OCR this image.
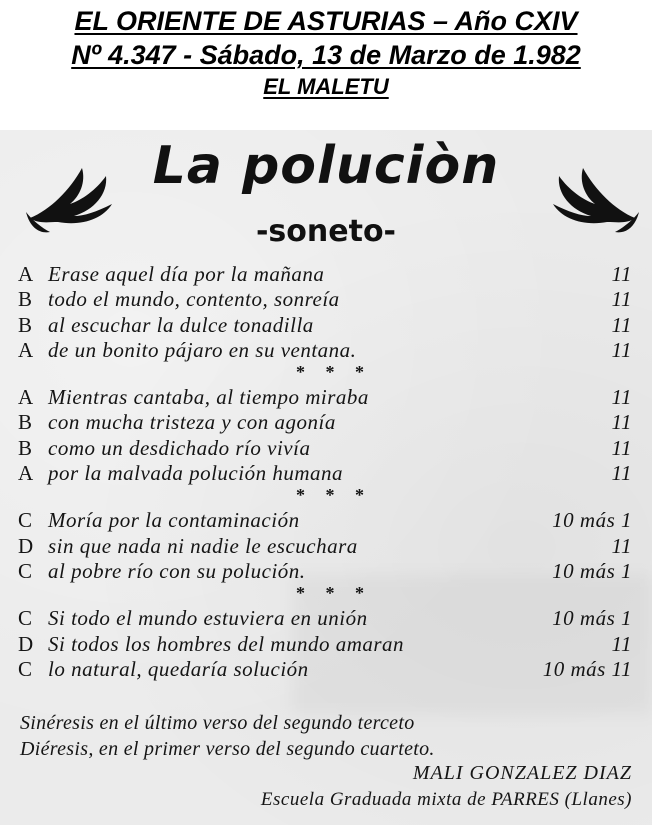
EL ORIENTE DE ASTURIAS – Año CXIV
Nº 4.347 - Sábado, 13 de Marzo de 1.982
EL MALETU
La poluciòn
-soneto-
A Erase aquel día por la mañana	11
B todo el mundo, contento, sonreía	11
B al escuchar la dulce tonadilla	11
A de un bonito pájaro en su ventana.	11
* * *
A Mientras cantaba, al tiempo miraba	11
B con mucha tristeza y con agonía	11
B como un desdichado río vivía	11
A por la malvada polución humana	11
* * *
C Moría por la contaminación	10 más 1
D sin que nada ni nadie le escuchara	11
C al pobre río con su polución.	10 más 1
* * *
C Si todo el mundo estuviera en unión	10 más 1
D Si todos los hombres del mundo amaran	11
C lo natural, quedaría solución	10 más 11
Sinéresis en el último verso del segundo terceto
Diéresis, en el primer verso del segundo cuarteto.
MALI GONZALEZ DIAZ
Escuela Graduada mixta de PARRES (Llanes)
